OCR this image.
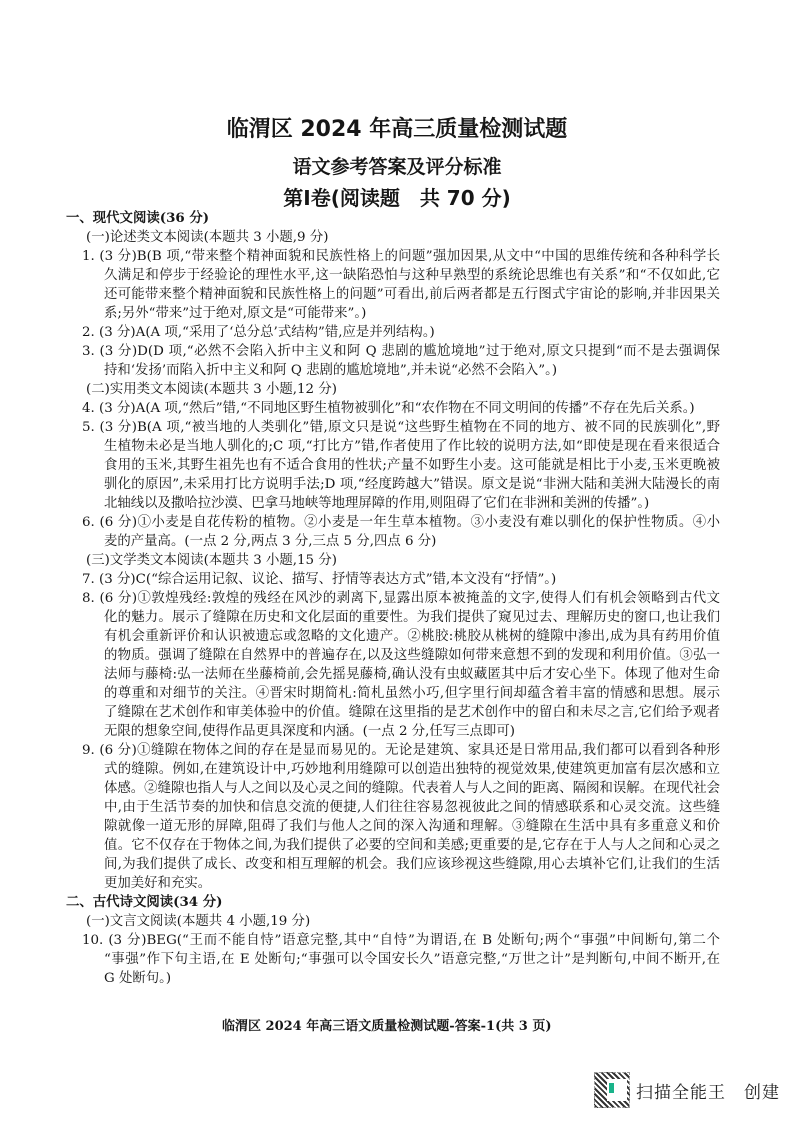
临渭区 2024 年高三质量检测试题
语文参考答案及评分标准
第Ⅰ卷(阅读题　共 70 分)
一、现代文阅读(36 分)
(一)论述类文本阅读(本题共 3 小题,9 分)
1. (3 分)B(B 项,“带来整个精神面貌和民族性格上的问题”强加因果,从文中“中国的思维传统和各种科学长
久满足和停步于经验论的理性水平,这一缺陷恐怕与这种早熟型的系统论思维也有关系”和“不仅如此,它
还可能带来整个精神面貌和民族性格上的问题”可看出,前后两者都是五行图式宇宙论的影响,并非因果关
系;另外“带来”过于绝对,原文是“可能带来”。)
2. (3 分)A(A 项,“采用了‘总分总’式结构”错,应是并列结构。)
3. (3 分)D(D 项,“必然不会陷入折中主义和阿 Q 悲剧的尴尬境地”过于绝对,原文只提到“而不是去强调保
持和‘发扬’而陷入折中主义和阿 Q 悲剧的尴尬境地”,并未说“必然不会陷入”。)
(二)实用类文本阅读(本题共 3 小题,12 分)
4. (3 分)A(A 项,“然后”错,“不同地区野生植物被驯化”和“农作物在不同文明间的传播”不存在先后关系。)
5. (3 分)B(A 项,“被当地的人类驯化”错,原文只是说“这些野生植物在不同的地方、被不同的民族驯化”,野
生植物未必是当地人驯化的;C 项,“打比方”错,作者使用了作比较的说明方法,如“即使是现在看来很适合
食用的玉米,其野生祖先也有不适合食用的性状;产量不如野生小麦。这可能就是相比于小麦,玉米更晚被
驯化的原因”,未采用打比方说明手法;D 项,“经度跨越大”错误。原文是说“非洲大陆和美洲大陆漫长的南
北轴线以及撒哈拉沙漠、巴拿马地峡等地理屏障的作用,则阻碍了它们在非洲和美洲的传播”。)
6. (6 分)①小麦是自花传粉的植物。②小麦是一年生草本植物。③小麦没有难以驯化的保护性物质。④小
麦的产量高。(一点 2 分,两点 3 分,三点 5 分,四点 6 分)
(三)文学类文本阅读(本题共 3 小题,15 分)
7. (3 分)C(“综合运用记叙、议论、描写、抒情等表达方式”错,本文没有“抒情”。)
8. (6 分)①敦煌残经:敦煌的残经在风沙的剥离下,显露出原本被掩盖的文字,使得人们有机会领略到古代文
化的魅力。展示了缝隙在历史和文化层面的重要性。为我们提供了窥见过去、理解历史的窗口,也让我们
有机会重新评价和认识被遗忘或忽略的文化遗产。②桃胶:桃胶从桃树的缝隙中渗出,成为具有药用价值
的物质。强调了缝隙在自然界中的普遍存在,以及这些缝隙如何带来意想不到的发现和利用价值。③弘一
法师与藤椅:弘一法师在坐藤椅前,会先摇晃藤椅,确认没有虫蚁藏匿其中后才安心坐下。体现了他对生命
的尊重和对细节的关注。④晋宋时期简札:简札虽然小巧,但字里行间却蕴含着丰富的情感和思想。展示
了缝隙在艺术创作和审美体验中的价值。缝隙在这里指的是艺术创作中的留白和未尽之言,它们给予观者
无限的想象空间,使得作品更具深度和内涵。(一点 2 分,任写三点即可)
9. (6 分)①缝隙在物体之间的存在是显而易见的。无论是建筑、家具还是日常用品,我们都可以看到各种形
式的缝隙。例如,在建筑设计中,巧妙地利用缝隙可以创造出独特的视觉效果,使建筑更加富有层次感和立
体感。②缝隙也指人与人之间以及心灵之间的缝隙。代表着人与人之间的距离、隔阂和误解。在现代社会
中,由于生活节奏的加快和信息交流的便捷,人们往往容易忽视彼此之间的情感联系和心灵交流。这些缝
隙就像一道无形的屏障,阻碍了我们与他人之间的深入沟通和理解。③缝隙在生活中具有多重意义和价
值。它不仅存在于物体之间,为我们提供了必要的空间和美感;更重要的是,它存在于人与人之间和心灵之
间,为我们提供了成长、改变和相互理解的机会。我们应该珍视这些缝隙,用心去填补它们,让我们的生活
更加美好和充实。
二、古代诗文阅读(34 分)
(一)文言文阅读(本题共 4 小题,19 分)
10. (3 分)BEG(“王而不能自恃”语意完整,其中“自恃”为谓语,在 B 处断句;两个“事强”中间断句,第二个
“事强”作下句主语,在 E 处断句;“事强可以令国安长久”语意完整,“万世之计”是判断句,中间不断开,在
G 处断句。)
临渭区 2024 年高三语文质量检测试题-答案-1(共 3 页)
扫描全能王　创建
